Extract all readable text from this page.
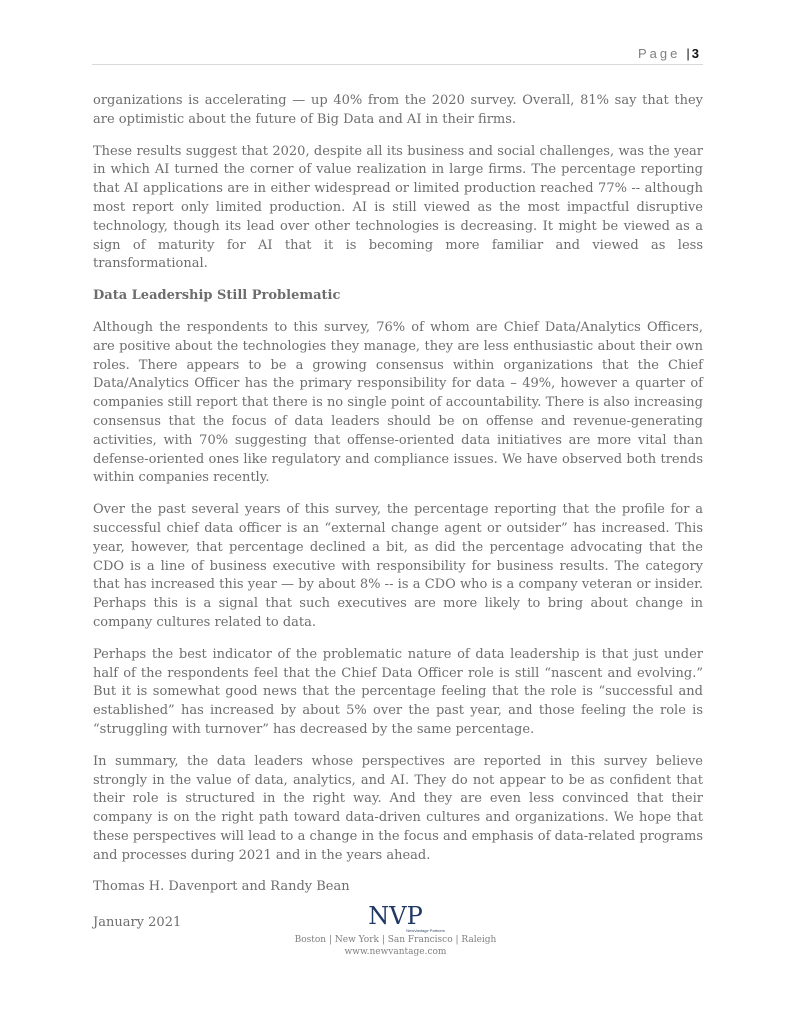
Page | 3

organizations is accelerating — up 40% from the 2020 survey. Overall, 81% say that they are optimistic about the future of Big Data and AI in their firms.

These results suggest that 2020, despite all its business and social challenges, was the year in which AI turned the corner of value realization in large firms. The percentage reporting that AI applications are in either widespread or limited production reached 77% -- although most report only limited production. AI is still viewed as the most impactful disruptive technology, though its lead over other technologies is decreasing. It might be viewed as a sign of maturity for AI that it is becoming more familiar and viewed as less transformational.

Data Leadership Still Problematic

Although the respondents to this survey, 76% of whom are Chief Data/Analytics Officers, are positive about the technologies they manage, they are less enthusiastic about their own roles. There appears to be a growing consensus within organizations that the Chief Data/Analytics Officer has the primary responsibility for data – 49%, however a quarter of companies still report that there is no single point of accountability. There is also increasing consensus that the focus of data leaders should be on offense and revenue-generating activities, with 70% suggesting that offense-oriented data initiatives are more vital than defense-oriented ones like regulatory and compliance issues. We have observed both trends within companies recently.

Over the past several years of this survey, the percentage reporting that the profile for a successful chief data officer is an “external change agent or outsider” has increased. This year, however, that percentage declined a bit, as did the percentage advocating that the CDO is a line of business executive with responsibility for business results. The category that has increased this year — by about 8% -- is a CDO who is a company veteran or insider. Perhaps this is a signal that such executives are more likely to bring about change in company cultures related to data.

Perhaps the best indicator of the problematic nature of data leadership is that just under half of the respondents feel that the Chief Data Officer role is still “nascent and evolving.” But it is somewhat good news that the percentage feeling that the role is “successful and established” has increased by about 5% over the past year, and those feeling the role is “struggling with turnover” has decreased by the same percentage.

In summary, the data leaders whose perspectives are reported in this survey believe strongly in the value of data, analytics, and AI. They do not appear to be as confident that their role is structured in the right way. And they are even less convinced that their company is on the right path toward data-driven cultures and organizations. We hope that these perspectives will lead to a change in the focus and emphasis of data-related programs and processes during 2021 and in the years ahead.

Thomas H. Davenport and Randy Bean

January 2021	NVP
NewVantage Partners
Boston | New York | San Francisco | Raleigh
www.newvantage.com
